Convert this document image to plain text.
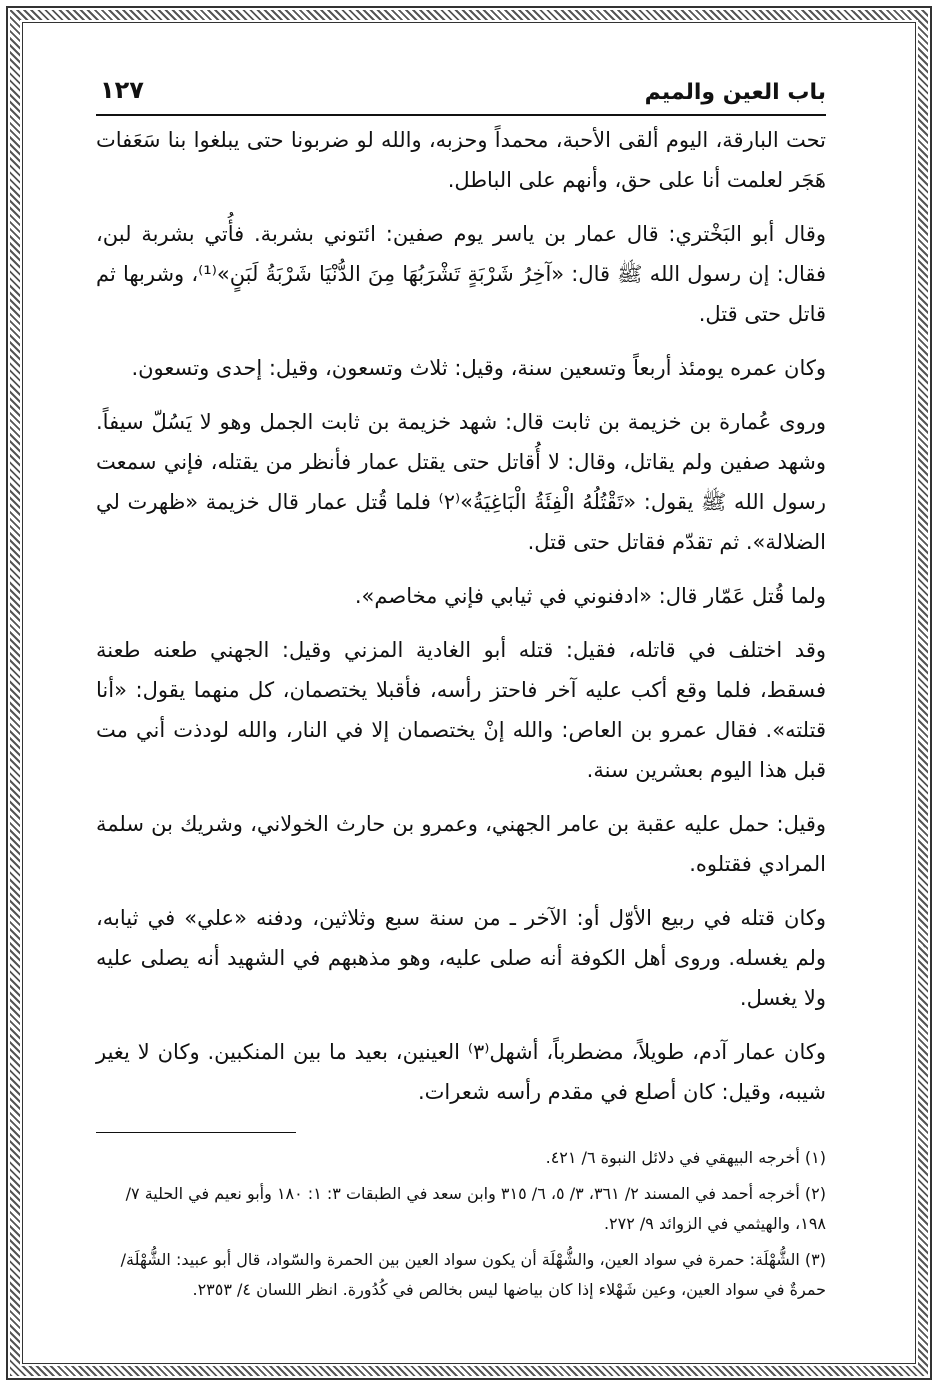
باب العين والميم
١٢٧

تحت البارقة، اليوم ألقى الأحبة، محمداً وحزبه، والله لو ضربونا حتى يبلغوا بنا سَعَفات هَجَر لعلمت أنا على حق، وأنهم على الباطل.

وقال أبو البَخْتري: قال عمار بن ياسر يوم صفين: ائتوني بشربة. فأُتي بشربة لبن، فقال: إن رسول الله ﷺ قال: «آخِرُ شَرْبَةٍ تَشْرَبُهَا مِنَ الدُّنْيَا شَرْبَةُ لَبَنٍ»⁽¹⁾، وشربها ثم قاتل حتى قتل.

وكان عمره يومئذ أربعاً وتسعين سنة، وقيل: ثلاث وتسعون، وقيل: إحدى وتسعون.

وروى عُمارة بن خزيمة بن ثابت قال: شهد خزيمة بن ثابت الجمل وهو لا يَسُلّ سيفاً. وشهد صفين ولم يقاتل، وقال: لا أُقاتل حتى يقتل عمار فأنظر من يقتله، فإني سمعت رسول الله ﷺ يقول: «تَقْتُلُهُ الْفِئَةُ الْبَاغِيَةُ»⁽٢⁾ فلما قُتل عمار قال خزيمة «ظهرت لي الضلالة». ثم تقدّم فقاتل حتى قتل.

ولما قُتل عَمّار قال: «ادفنوني في ثيابي فإني مخاصم».

وقد اختلف في قاتله، فقيل: قتله أبو الغادية المزني وقيل: الجهني طعنه طعنة فسقط، فلما وقع أكب عليه آخر فاحتز رأسه، فأقبلا يختصمان، كل منهما يقول: «أنا قتلته». فقال عمرو بن العاص: والله إنْ يختصمان إلا في النار، والله لودذت أني مت قبل هذا اليوم بعشرين سنة.

وقيل: حمل عليه عقبة بن عامر الجهني، وعمرو بن حارث الخولاني، وشريك بن سلمة المرادي فقتلوه.

وكان قتله في ربيع الأوّل أو: الآخر ـ من سنة سبع وثلاثين، ودفنه «علي» في ثيابه، ولم يغسله. وروى أهل الكوفة أنه صلى عليه، وهو مذهبهم في الشهيد أنه يصلى عليه ولا يغسل.

وكان عمار آدم، طويلاً، مضطرباً، أشهل⁽٣⁾ العينين، بعيد ما بين المنكبين. وكان لا يغير شيبه، وقيل: كان أصلع في مقدم رأسه شعرات.

(١) أخرجه البيهقي في دلائل النبوة ٦/ ٤٢١.

(٢) أخرجه أحمد في المسند ٢/ ٣٦١، ٣/ ٥، ٦/ ٣١٥ وابن سعد في الطبقات ٣: ١: ١٨٠ وأبو نعيم في الحلية ٧/ ١٩٨، والهيثمي في الزوائد ٩/ ٢٧٢.

(٣) الشُّهْلَة: حمرة في سواد العين، والشُّهْلَة أن يكون سواد العين بين الحمرة والسّواد، قال أبو عبيد: الشُّهْلَة/حمرةٌ في سواد العين، وعين شَهْلاء إذا كان بياضها ليس بخالص في كُدُورة. انظر اللسان ٤/ ٢٣٥٣.
